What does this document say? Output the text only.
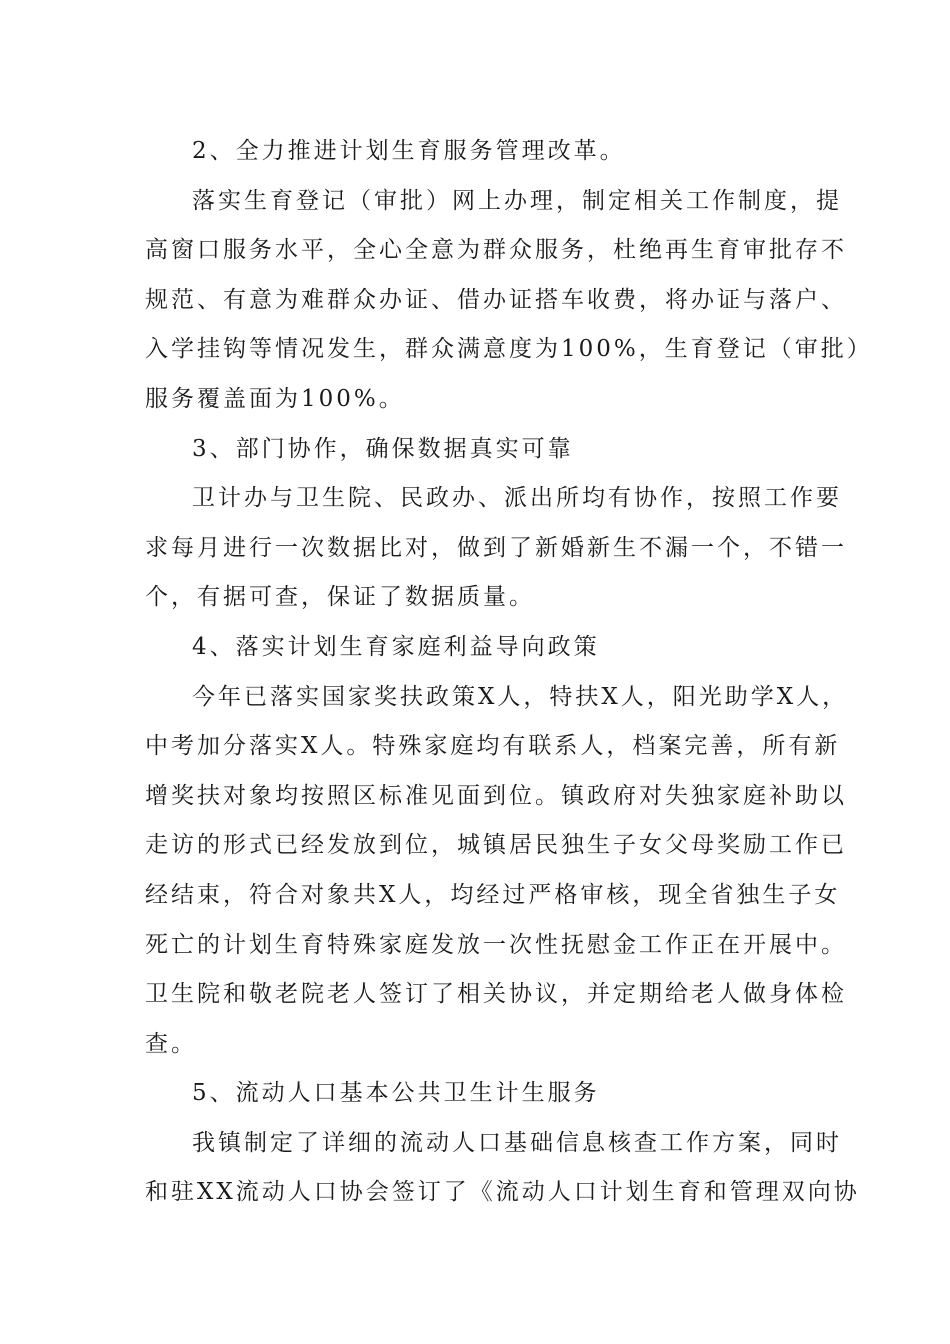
2、全力推进计划生育服务管理改革。
落实生育登记（审批）网上办理，制定相关工作制度，提
高窗口服务水平，全心全意为群众服务，杜绝再生育审批存不
规范、有意为难群众办证、借办证搭车收费，将办证与落户、
入学挂钩等情况发生，群众满意度为100%，生育登记（审批）
服务覆盖面为100%。
3、部门协作，确保数据真实可靠
卫计办与卫生院、民政办、派出所均有协作，按照工作要
求每月进行一次数据比对，做到了新婚新生不漏一个，不错一
个，有据可查，保证了数据质量。
4、落实计划生育家庭利益导向政策
今年已落实国家奖扶政策X人，特扶X人，阳光助学X人，
中考加分落实X人。特殊家庭均有联系人，档案完善，所有新
增奖扶对象均按照区标准见面到位。镇政府对失独家庭补助以
走访的形式已经发放到位，城镇居民独生子女父母奖励工作已
经结束，符合对象共X人，均经过严格审核，现全省独生子女
死亡的计划生育特殊家庭发放一次性抚慰金工作正在开展中。
卫生院和敬老院老人签订了相关协议，并定期给老人做身体检
查。
5、流动人口基本公共卫生计生服务
我镇制定了详细的流动人口基础信息核查工作方案，同时
和驻XX流动人口协会签订了《流动人口计划生育和管理双向协
